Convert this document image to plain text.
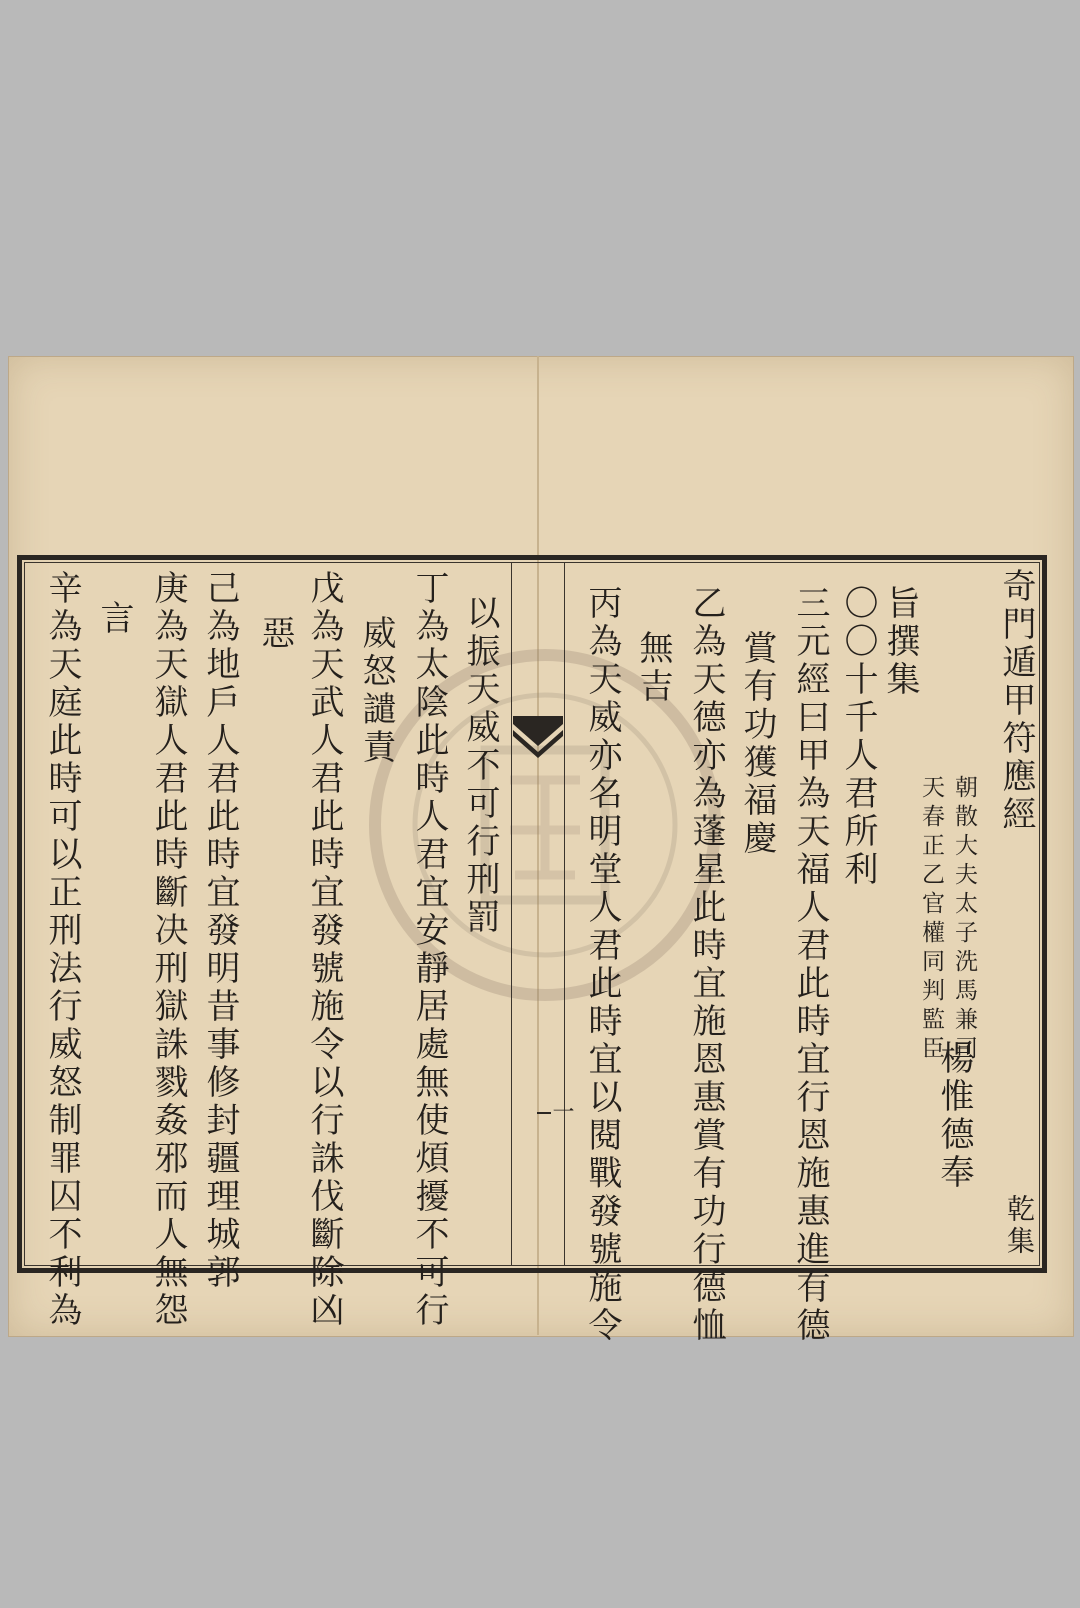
一
乾集
奇門遁甲符應經
朝散大夫太子洗馬兼司
天春正乙官權同判監臣
楊惟德奉
旨撰集
〇〇十千人君所利
三元經曰甲為天福人君此時宜行恩施惠進有德
賞有功獲福慶
乙為天德亦為蓬星此時宜施恩惠賞有功行德恤
無吉
丙為天威亦名明堂人君此時宜以閱戰發號施令
以振天威不可行刑罰
丁為太陰此時人君宜安靜居處無使煩擾不可行
威怒譴責
戊為天武人君此時宜發號施令以行誅伐斷除凶
惡
己為地戶人君此時宜發明昔事修封疆理城郭
庚為天獄人君此時斷决刑獄誅戮姦邪而人無怨
言
辛為天庭此時可以正刑法行威怒制罪囚不利為
